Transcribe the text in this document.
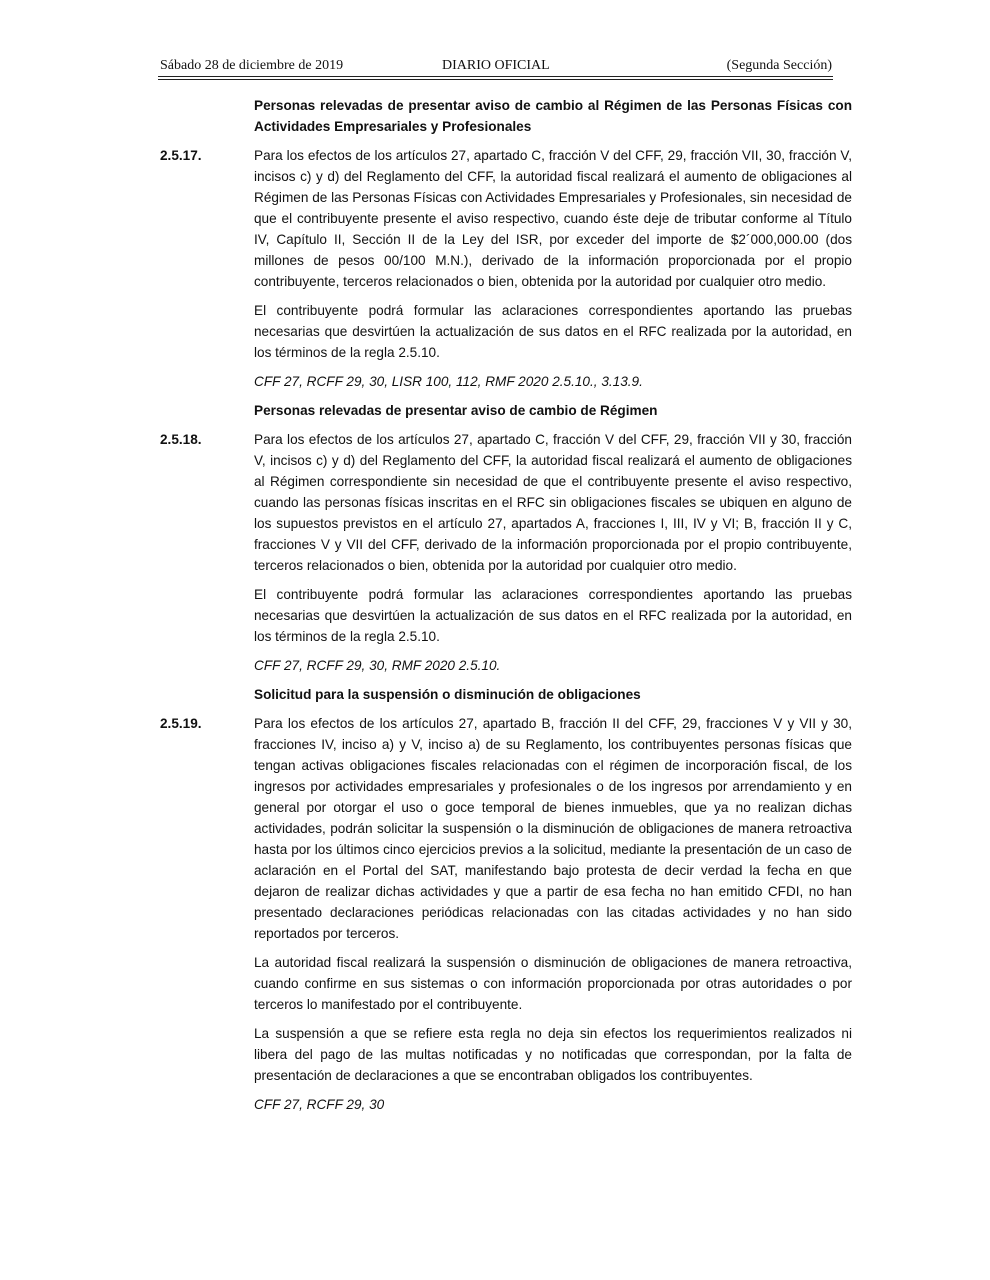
Sábado 28 de diciembre de 2019	DIARIO OFICIAL	(Segunda Sección)
Personas relevadas de presentar aviso de cambio al Régimen de las Personas Físicas con Actividades Empresariales y Profesionales
2.5.17.	Para los efectos de los artículos 27, apartado C, fracción V del CFF, 29, fracción VII, 30, fracción V, incisos c) y d) del Reglamento del CFF, la autoridad fiscal realizará el aumento de obligaciones al Régimen de las Personas Físicas con Actividades Empresariales y Profesionales, sin necesidad de que el contribuyente presente el aviso respectivo, cuando éste deje de tributar conforme al Título IV, Capítulo II, Sección II de la Ley del ISR, por exceder del importe de $2´000,000.00 (dos millones de pesos 00/100 M.N.), derivado de la información proporcionada por el propio contribuyente, terceros relacionados o bien, obtenida por la autoridad por cualquier otro medio.

El contribuyente podrá formular las aclaraciones correspondientes aportando las pruebas necesarias que desvirtúen la actualización de sus datos en el RFC realizada por la autoridad, en los términos de la regla 2.5.10.

CFF 27, RCFF 29, 30, LISR 100, 112, RMF 2020 2.5.10., 3.13.9.
Personas relevadas de presentar aviso de cambio de Régimen
2.5.18.	Para los efectos de los artículos 27, apartado C, fracción V del CFF, 29, fracción VII y 30, fracción V, incisos c) y d) del Reglamento del CFF, la autoridad fiscal realizará el aumento de obligaciones al Régimen correspondiente sin necesidad de que el contribuyente presente el aviso respectivo, cuando las personas físicas inscritas en el RFC sin obligaciones fiscales se ubiquen en alguno de los supuestos previstos en el artículo 27, apartados A, fracciones I, III, IV y VI; B, fracción II y C, fracciones V y VII del CFF, derivado de la información proporcionada por el propio contribuyente, terceros relacionados o bien, obtenida por la autoridad por cualquier otro medio.

El contribuyente podrá formular las aclaraciones correspondientes aportando las pruebas necesarias que desvirtúen la actualización de sus datos en el RFC realizada por la autoridad, en los términos de la regla 2.5.10.

CFF 27, RCFF 29, 30, RMF 2020 2.5.10.
Solicitud para la suspensión o disminución de obligaciones
2.5.19.	Para los efectos de los artículos 27, apartado B, fracción II del CFF, 29, fracciones V y VII y 30, fracciones IV, inciso a) y V, inciso a) de su Reglamento, los contribuyentes personas físicas que tengan activas obligaciones fiscales relacionadas con el régimen de incorporación fiscal, de los ingresos por actividades empresariales y profesionales o de los ingresos por arrendamiento y en general por otorgar el uso o goce temporal de bienes inmuebles, que ya no realizan dichas actividades, podrán solicitar la suspensión o la disminución de obligaciones de manera retroactiva hasta por los últimos cinco ejercicios previos a la solicitud, mediante la presentación de un caso de aclaración en el Portal del SAT, manifestando bajo protesta de decir verdad la fecha en que dejaron de realizar dichas actividades y que a partir de esa fecha no han emitido CFDI, no han presentado declaraciones periódicas relacionadas con las citadas actividades y no han sido reportados por terceros.

La autoridad fiscal realizará la suspensión o disminución de obligaciones de manera retroactiva, cuando confirme en sus sistemas o con información proporcionada por otras autoridades o por terceros lo manifestado por el contribuyente.

La suspensión a que se refiere esta regla no deja sin efectos los requerimientos realizados ni libera del pago de las multas notificadas y no notificadas que correspondan, por la falta de presentación de declaraciones a que se encontraban obligados los contribuyentes.

CFF 27, RCFF 29, 30
